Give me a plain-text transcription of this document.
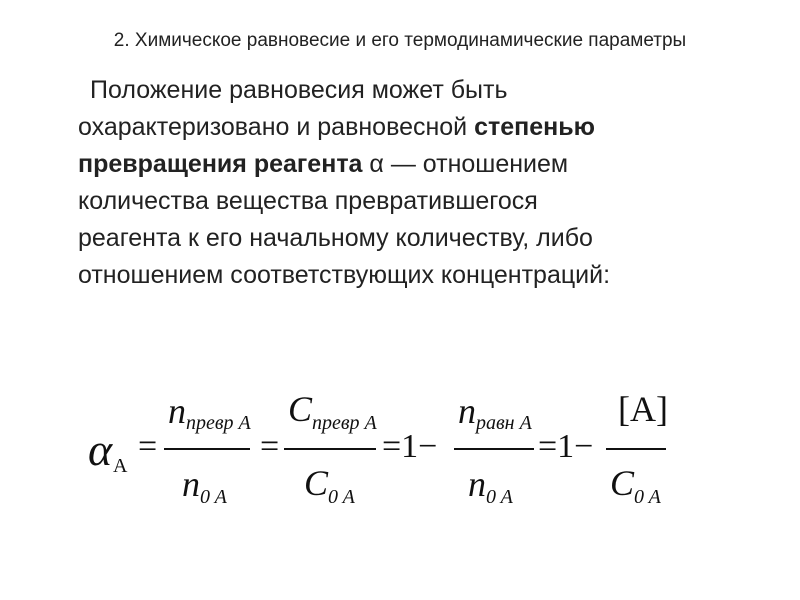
2. Химическое равновесие и его термодинамические параметры
Положение равновесия может быть
охарактеризовано и равновесной степенью
превращения реагента α — отношением
количества вещества превратившегося
реагента к его начальному количеству, либо
отношением соответствующих концентраций:
α A
=
n превр A
n 0 A
=
C превр A
C 0 A
=1−
n равн A
n 0 A
=1−
[A]
C 0 A
